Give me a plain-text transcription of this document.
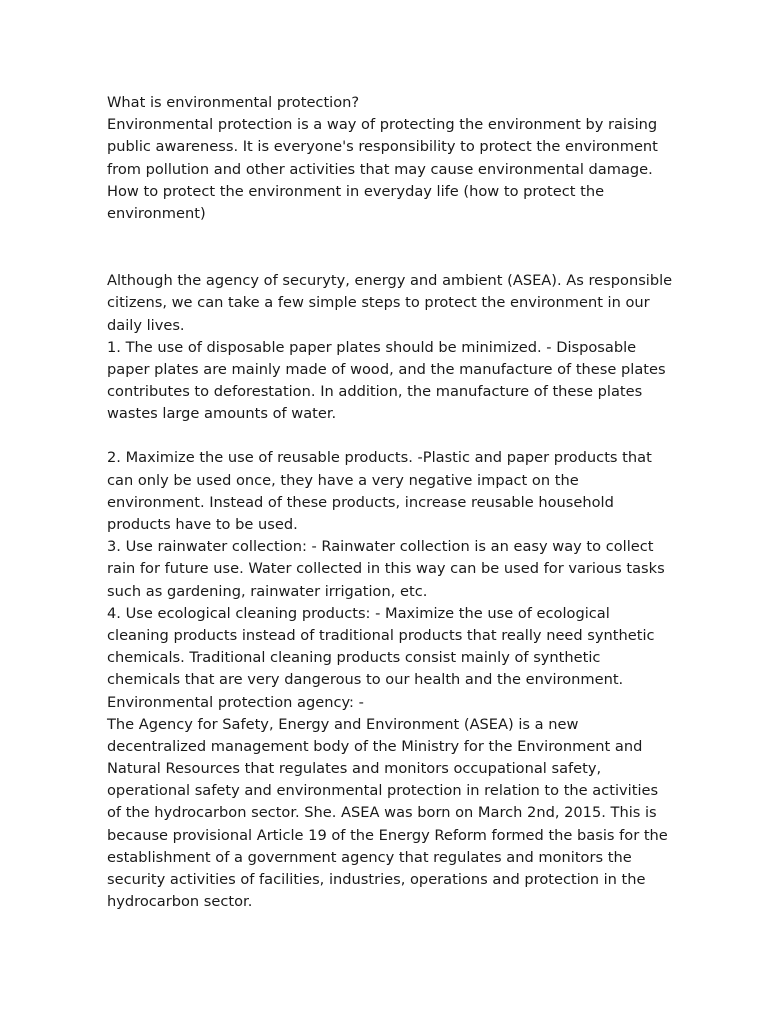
What is environmental protection?
Environmental protection is a way of protecting the environment by raising
public awareness. It is everyone's responsibility to protect the environment
from pollution and other activities that may cause environmental damage.
How to protect the environment in everyday life (how to protect the
environment)
Although the agency of securyty, energy and ambient (ASEA). As responsible
citizens, we can take a few simple steps to protect the environment in our
daily lives.
1. The use of disposable paper plates should be minimized. - Disposable
paper plates are mainly made of wood, and the manufacture of these plates
contributes to deforestation. In addition, the manufacture of these plates
wastes large amounts of water.
2. Maximize the use of reusable products. -Plastic and paper products that
can only be used once, they have a very negative impact on the
environment. Instead of these products, increase reusable household
products have to be used.
3. Use rainwater collection: - Rainwater collection is an easy way to collect
rain for future use. Water collected in this way can be used for various tasks
such as gardening, rainwater irrigation, etc.
4. Use ecological cleaning products: - Maximize the use of ecological
cleaning products instead of traditional products that really need synthetic
chemicals. Traditional cleaning products consist mainly of synthetic
chemicals that are very dangerous to our health and the environment.
Environmental protection agency: -
The Agency for Safety, Energy and Environment (ASEA) is a new
decentralized management body of the Ministry for the Environment and
Natural Resources that regulates and monitors occupational safety,
operational safety and environmental protection in relation to the activities
of the hydrocarbon sector. She. ASEA was born on March 2nd, 2015. This is
because provisional Article 19 of the Energy Reform formed the basis for the
establishment of a government agency that regulates and monitors the
security activities of facilities, industries, operations and protection in the
hydrocarbon sector.
